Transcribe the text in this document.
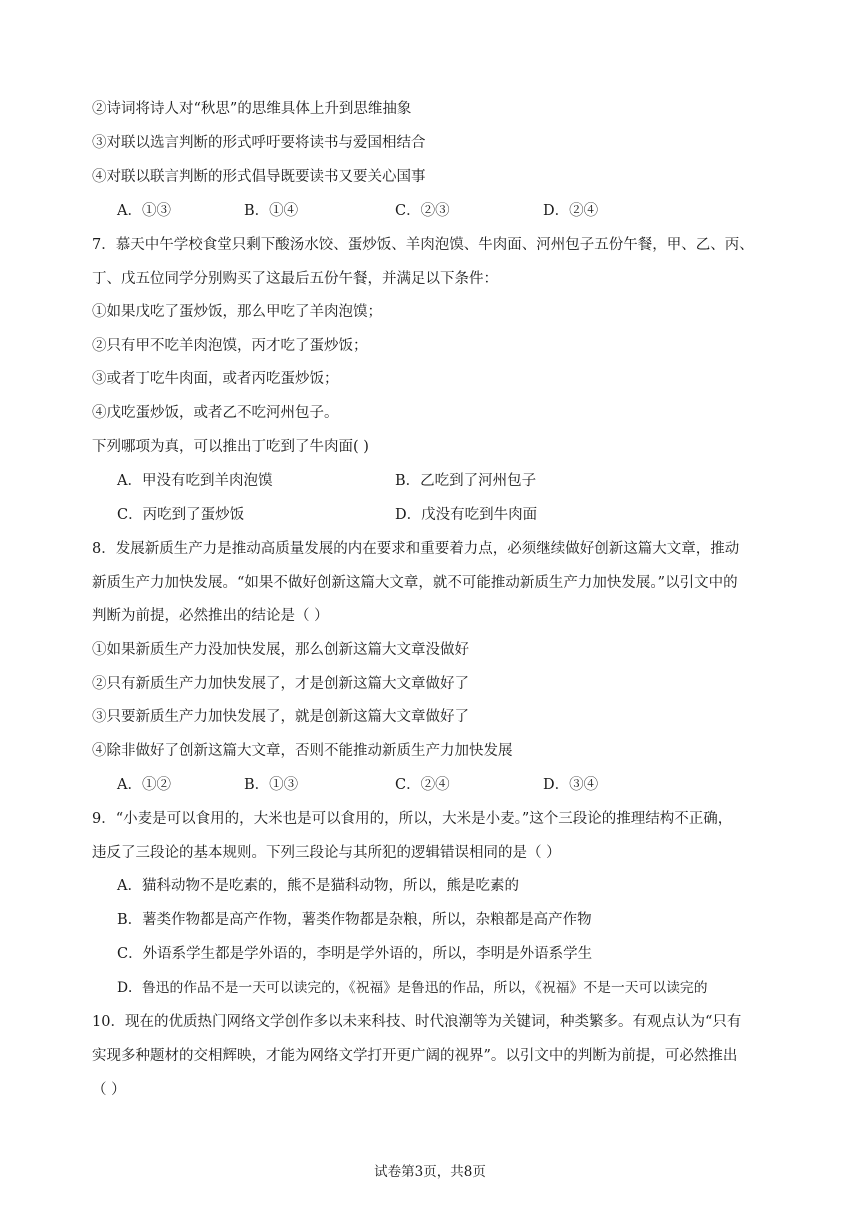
②诗词将诗人对“秋思”的思维具体上升到思维抽象
③对联以选言判断的形式呼吁要将读书与爱国相结合
④对联以联言判断的形式倡导既要读书又要关心国事
A．①③	B．①④	C．②③	D．②④
7．慕天中午学校食堂只剩下酸汤水饺、蛋炒饭、羊肉泡馍、牛肉面、河州包子五份午餐，甲、乙、丙、
丁、戊五位同学分别购买了这最后五份午餐，并满足以下条件：
①如果戊吃了蛋炒饭，那么甲吃了羊肉泡馍；
②只有甲不吃羊肉泡馍，丙才吃了蛋炒饭；
③或者丁吃牛肉面，或者丙吃蛋炒饭；
④戊吃蛋炒饭，或者乙不吃河州包子。
下列哪项为真，可以推出丁吃到了牛肉面( )
A．甲没有吃到羊肉泡馍	B．乙吃到了河州包子
C．丙吃到了蛋炒饭	D．戊没有吃到牛肉面
8．发展新质生产力是推动高质量发展的内在要求和重要着力点，必须继续做好创新这篇大文章，推动
新质生产力加快发展。“如果不做好创新这篇大文章，就不可能推动新质生产力加快发展。”以引文中的
判断为前提，必然推出的结论是（ ）
①如果新质生产力没加快发展，那么创新这篇大文章没做好
②只有新质生产力加快发展了，才是创新这篇大文章做好了
③只要新质生产力加快发展了，就是创新这篇大文章做好了
④除非做好了创新这篇大文章，否则不能推动新质生产力加快发展
A．①②	B．①③	C．②④	D．③④
9．“小麦是可以食用的，大米也是可以食用的，所以，大米是小麦。”这个三段论的推理结构不正确，
违反了三段论的基本规则。下列三段论与其所犯的逻辑错误相同的是（ ）
A．猫科动物不是吃素的，熊不是猫科动物，所以，熊是吃素的
B．薯类作物都是高产作物，薯类作物都是杂粮，所以，杂粮都是高产作物
C．外语系学生都是学外语的，李明是学外语的，所以，李明是外语系学生
D．鲁迅的作品不是一天可以读完的，《祝福》是鲁迅的作品，所以，《祝福》不是一天可以读完的
10．现在的优质热门网络文学创作多以未来科技、时代浪潮等为关键词，种类繁多。有观点认为“只有
实现多种题材的交相辉映，才能为网络文学打开更广阔的视界”。以引文中的判断为前提，可必然推出
（ ）
试卷第3页，共8页
